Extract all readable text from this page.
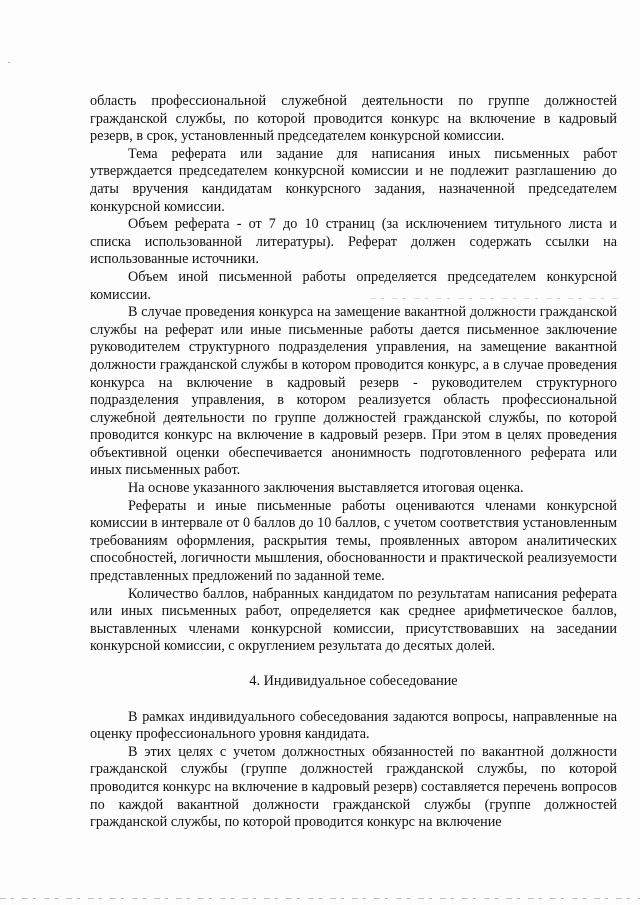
область профессиональной служебной деятельности по группе должностей гражданской службы, по которой проводится конкурс на включение в кадровый резерв, в срок, установленный председателем конкурсной комиссии.

Тема реферата или задание для написания иных письменных работ утверждается председателем конкурсной комиссии и не подлежит разглашению до даты вручения кандидатам конкурсного задания, назначенной председателем конкурсной комиссии.

Объем реферата - от 7 до 10 страниц (за исключением титульного листа и списка использованной литературы). Реферат должен содержать ссылки на использованные источники.

Объем иной письменной работы определяется председателем конкурсной комиссии.

В случае проведения конкурса на замещение вакантной должности гражданской службы на реферат или иные письменные работы дается письменное заключение руководителем структурного подразделения управления, на замещение вакантной должности гражданской службы в котором проводится конкурс, а в случае проведения конкурса на включение в кадровый резерв - руководителем структурного подразделения управления, в котором реализуется область профессиональной служебной деятельности по группе должностей гражданской службы, по которой проводится конкурс на включение в кадровый резерв. При этом в целях проведения объективной оценки обеспечивается анонимность подготовленного реферата или иных письменных работ.

На основе указанного заключения выставляется итоговая оценка.

Рефераты и иные письменные работы оцениваются членами конкурсной комиссии в интервале от 0 баллов до 10 баллов, с учетом соответствия установленным требованиям оформления, раскрытия темы, проявленных автором аналитических способностей, логичности мышления, обоснованности и практической реализуемости представленных предложений по заданной теме.

Количество баллов, набранных кандидатом по результатам написания реферата или иных письменных работ, определяется как среднее арифметическое баллов, выставленных членами конкурсной комиссии, присутствовавших на заседании конкурсной комиссии, с округлением результата до десятых долей.

4. Индивидуальное собеседование

В рамках индивидуального собеседования задаются вопросы, направленные на оценку профессионального уровня кандидата.

В этих целях с учетом должностных обязанностей по вакантной должности гражданской службы (группе должностей гражданской службы, по которой проводится конкурс на включение в кадровый резерв) составляется перечень вопросов по каждой вакантной должности гражданской службы (группе должностей гражданской службы, по которой проводится конкурс на включение
